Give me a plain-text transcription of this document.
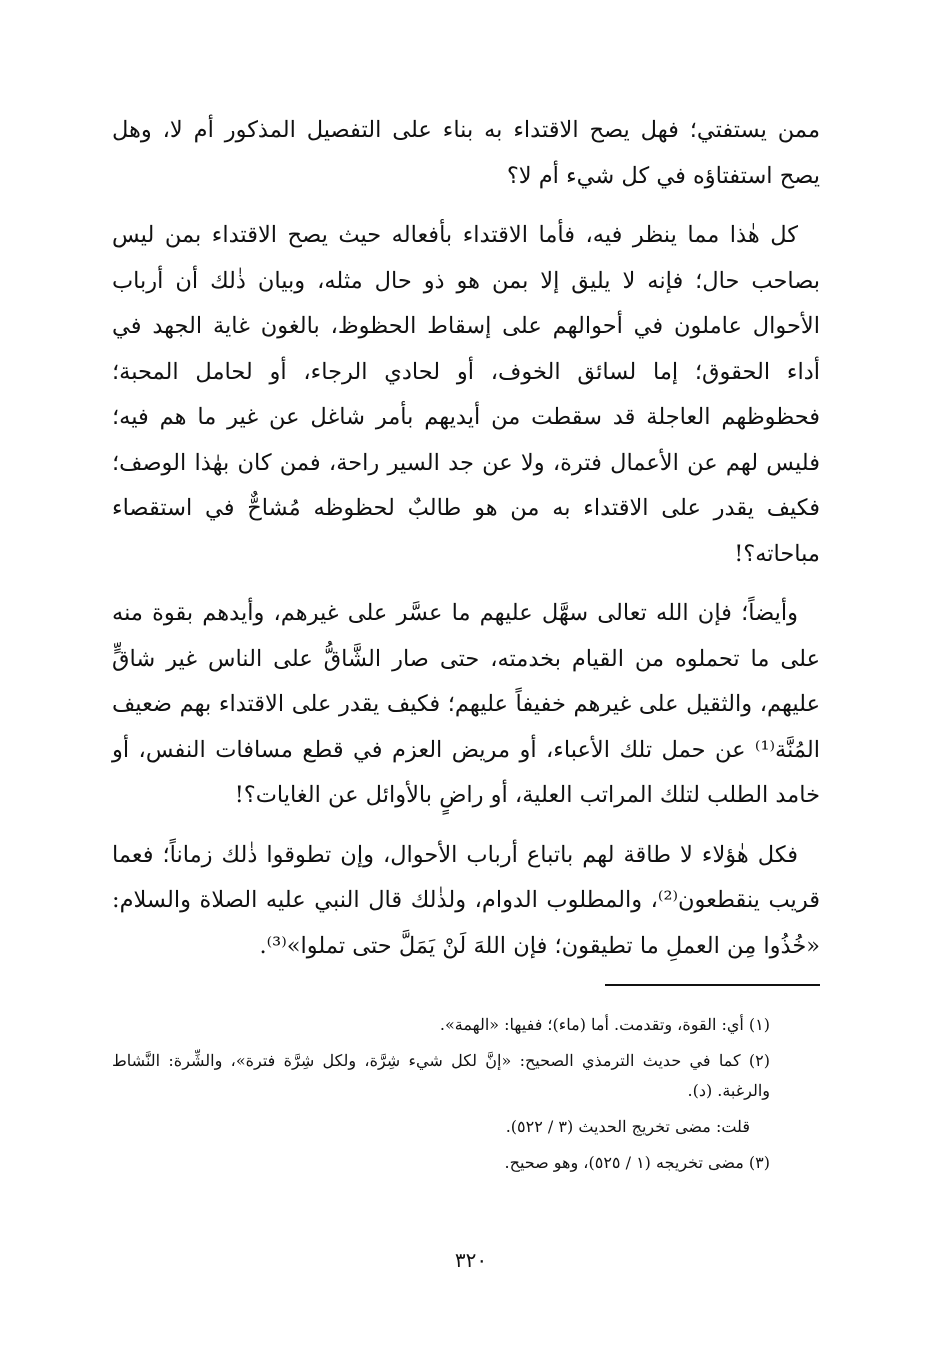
ممن يستفتي؛ فهل يصح الاقتداء به بناء على التفصيل المذكور أم لا، وهل يصح استفتاؤه في كل شيء أم لا؟

كل هٰذا مما ينظر فيه، فأما الاقتداء بأفعاله حيث يصح الاقتداء بمن ليس بصاحب حال؛ فإنه لا يليق إلا بمن هو ذو حال مثله، وبيان ذٰلك أن أرباب الأحوال عاملون في أحوالهم على إسقاط الحظوظ، بالغون غاية الجهد في أداء الحقوق؛ إما لسائق الخوف، أو لحادي الرجاء، أو لحامل المحبة؛ فحظوظهم العاجلة قد سقطت من أيديهم بأمر شاغل عن غير ما هم فيه؛ فليس لهم عن الأعمال فترة، ولا عن جد السير راحة، فمن كان بهٰذا الوصف؛ فكيف يقدر على الاقتداء به من هو طالبٌ لحظوظه مُشاحٌّ في استقصاء مباحاته؟!

وأيضاً؛ فإن الله تعالى سهَّل عليهم ما عسَّر على غيرهم، وأيدهم بقوة منه على ما تحملوه من القيام بخدمته، حتى صار الشَّاقُّ على الناس غير شاقٍّ عليهم، والثقيل على غيرهم خفيفاً عليهم؛ فكيف يقدر على الاقتداء بهم ضعيف المُنَّة⁽¹⁾ عن حمل تلك الأعباء، أو مريض العزم في قطع مسافات النفس، أو خامد الطلب لتلك المراتب العلية، أو راضٍ بالأوائل عن الغايات؟!

فكل هٰؤلاء لا طاقة لهم باتباع أرباب الأحوال، وإن تطوقوا ذٰلك زماناً؛ فعما قريب ينقطعون⁽²⁾، والمطلوب الدوام، ولذٰلك قال النبي عليه الصلاة والسلام: «خُذُوا مِن العملِ ما تطيقون؛ فإن اللهَ لَنْ يَمَلَّ حتى تملوا»⁽³⁾.

(١) أي: القوة، وتقدمت. أما (ماء)؛ ففيها: «الهمة».

(٢) كما في حديث الترمذي الصحيح: «إنَّ لكل شيء شِرَّة، ولكل شِرَّة فترة»، والشِّرة: النَّشاط والرغبة. (د).

قلت: مضى تخريج الحديث (٣ / ٥٢٢).

(٣) مضى تخريجه (١ / ٥٢٥)، وهو صحيح.

٣٢٠
